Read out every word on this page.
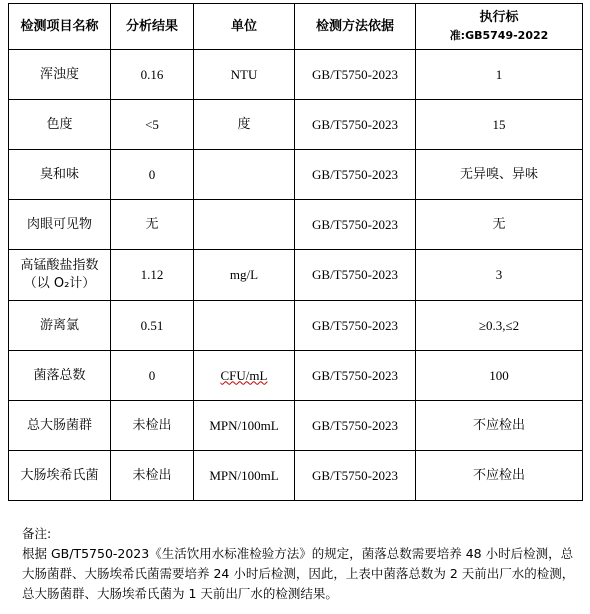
检测项目名称	分析结果	单位	检测方法依据	执行标
准:GB5749-2022

浑浊度	0.16	NTU	GB/T5750-2023	1
色度	<5	度	GB/T5750-2023	15
臭和味	0		GB/T5750-2023	无异嗅、异味
肉眼可见物	无		GB/T5750-2023	无

高锰酸盐指数
（以 O₂计）	1.12	mg/L	GB/T5750-2023	3
游离氯	0.51		GB/T5750-2023	≥0.3,≤2
菌落总数	0	CFU/mL	GB/T5750-2023	100
总大肠菌群	未检出	MPN/100mL	GB/T5750-2023	不应检出
大肠埃希氏菌	未检出	MPN/100mL	GB/T5750-2023	不应检出
备注:
根据 GB/T5750-2023《生活饮用水标准检验方法》的规定，菌落总数需要培养 48 小时后检测，总大肠菌群、大肠埃希氏菌需要培养 24 小时后检测，因此，上表中菌落总数为 2 天前出厂水的检测，总大肠菌群、大肠埃希氏菌为 1 天前出厂水的检测结果。
